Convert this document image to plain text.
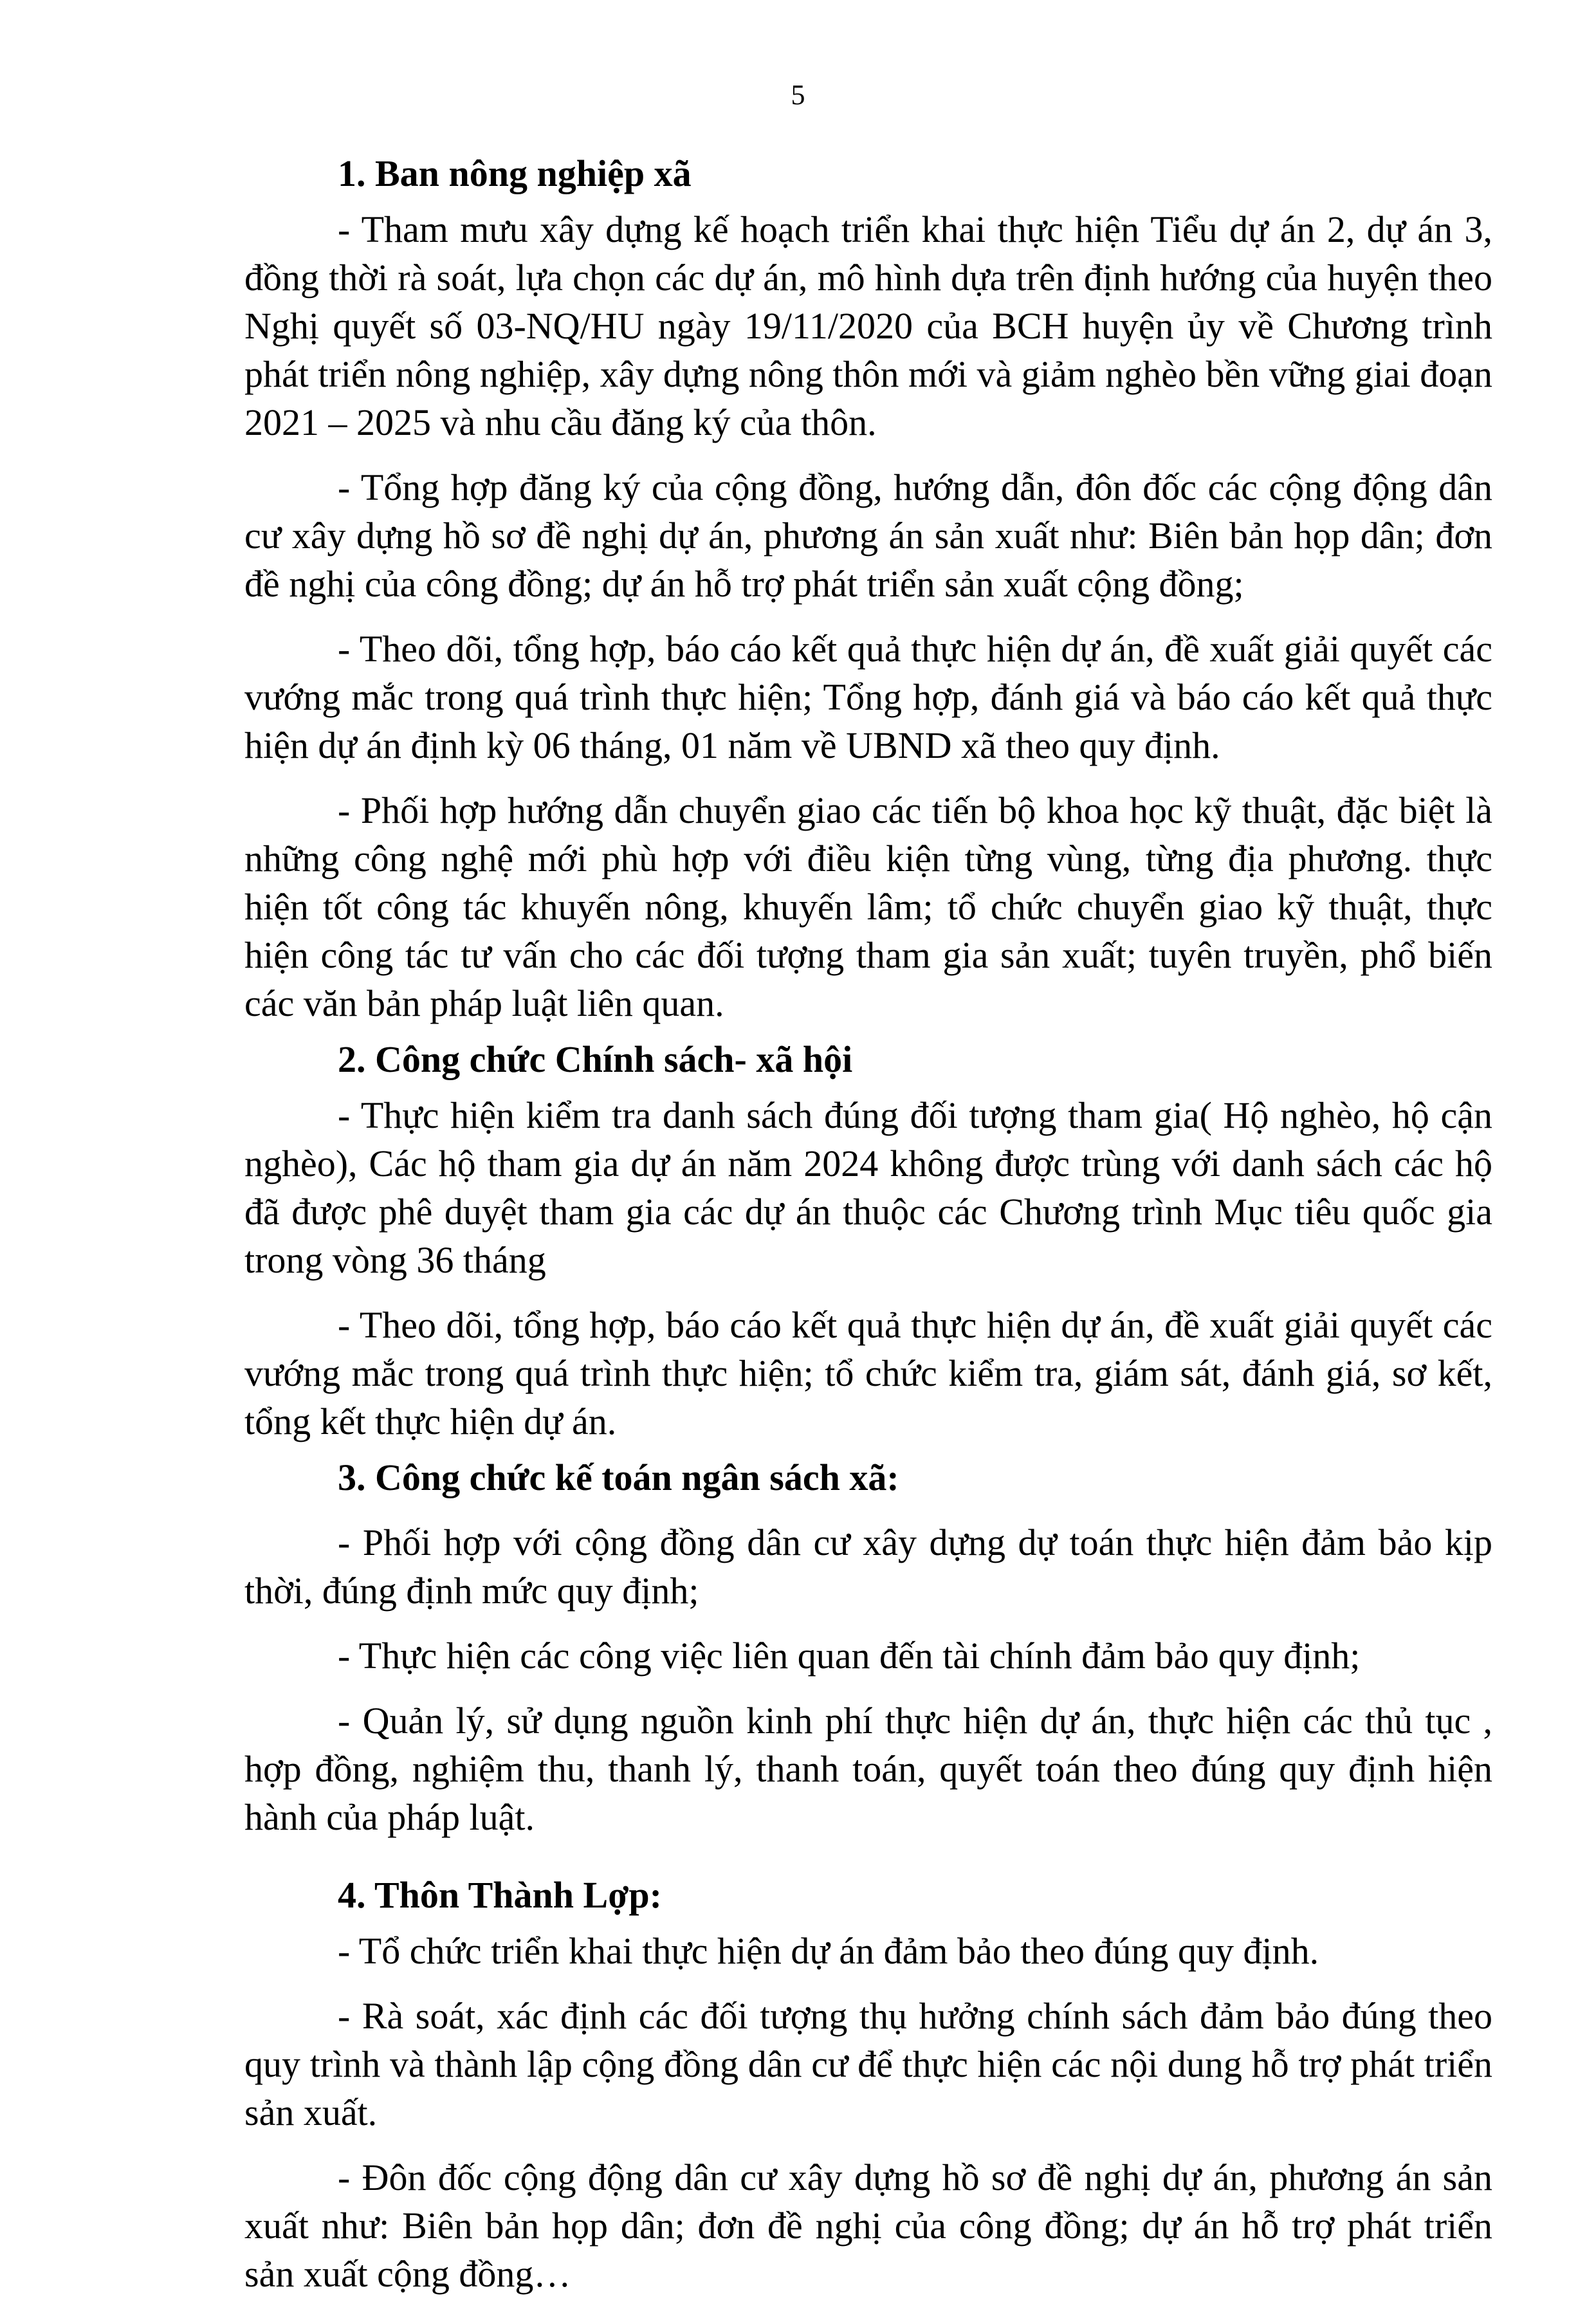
5
1. Ban nông nghiệp xã

- Tham mưu xây dựng kế hoạch triển khai thực hiện Tiểu dự án 2, dự án 3, đồng thời rà soát, lựa chọn các dự án, mô hình dựa trên định hướng của huyện theo Nghị quyết số 03-NQ/HU ngày 19/11/2020 của BCH huyện ủy về Chương trình phát triển nông nghiệp, xây dựng nông thôn mới và giảm nghèo bền vững giai đoạn 2021 – 2025 và nhu cầu đăng ký của thôn.

- Tổng hợp đăng ký của cộng đồng, hướng dẫn, đôn đốc các cộng động dân cư xây dựng hồ sơ đề nghị dự án, phương án sản xuất như: Biên bản họp dân; đơn đề nghị của công đồng; dự án hỗ trợ phát triển sản xuất cộng đồng;

- Theo dõi, tổng hợp, báo cáo kết quả thực hiện dự án, đề xuất giải quyết các vướng mắc trong quá trình thực hiện; Tổng hợp, đánh giá và báo cáo kết quả thực hiện dự án định kỳ 06 tháng, 01 năm về UBND xã theo quy định.

- Phối hợp hướng dẫn chuyển giao các tiến bộ khoa học kỹ thuật, đặc biệt là những công nghệ mới phù hợp với điều kiện từng vùng, từng địa phương. thực hiện tốt công tác khuyến nông, khuyến lâm; tổ chức chuyển giao kỹ thuật, thực hiện công tác tư vấn cho các đối tượng tham gia sản xuất; tuyên truyền, phổ biến các văn bản pháp luật liên quan.

2. Công chức Chính sách- xã hội

- Thực hiện kiểm tra danh sách đúng đối tượng tham gia( Hộ nghèo, hộ cận nghèo), Các hộ tham gia dự án năm 2024 không được trùng với danh sách các hộ đã được phê duyệt tham gia các dự án thuộc các Chương trình Mục tiêu quốc gia trong vòng 36 tháng

- Theo dõi, tổng hợp, báo cáo kết quả thực hiện dự án, đề xuất giải quyết các vướng mắc trong quá trình thực hiện; tổ chức kiểm tra, giám sát, đánh giá, sơ kết, tổng kết thực hiện dự án.

3. Công chức kế toán ngân sách xã:

- Phối hợp với cộng đồng dân cư xây dựng dự toán thực hiện đảm bảo kịp thời, đúng định mức quy định;

- Thực hiện các công việc liên quan đến tài chính đảm bảo quy định;

- Quản lý, sử dụng nguồn kinh phí thực hiện dự án, thực hiện các thủ tục , hợp đồng, nghiệm thu, thanh lý, thanh toán, quyết toán theo đúng quy định hiện hành của pháp luật.

4. Thôn Thành Lợp:

- Tổ chức triển khai thực hiện dự án đảm bảo theo đúng quy định.

- Rà soát, xác định các đối tượng thụ hưởng chính sách đảm bảo đúng theo quy trình và thành lập cộng đồng dân cư để thực hiện các nội dung hỗ trợ phát triển sản xuất.

- Đôn đốc cộng động dân cư xây dựng hồ sơ đề nghị dự án, phương án sản xuất như: Biên bản họp dân; đơn đề nghị của công đồng; dự án hỗ trợ phát triển sản xuất cộng đồng…
